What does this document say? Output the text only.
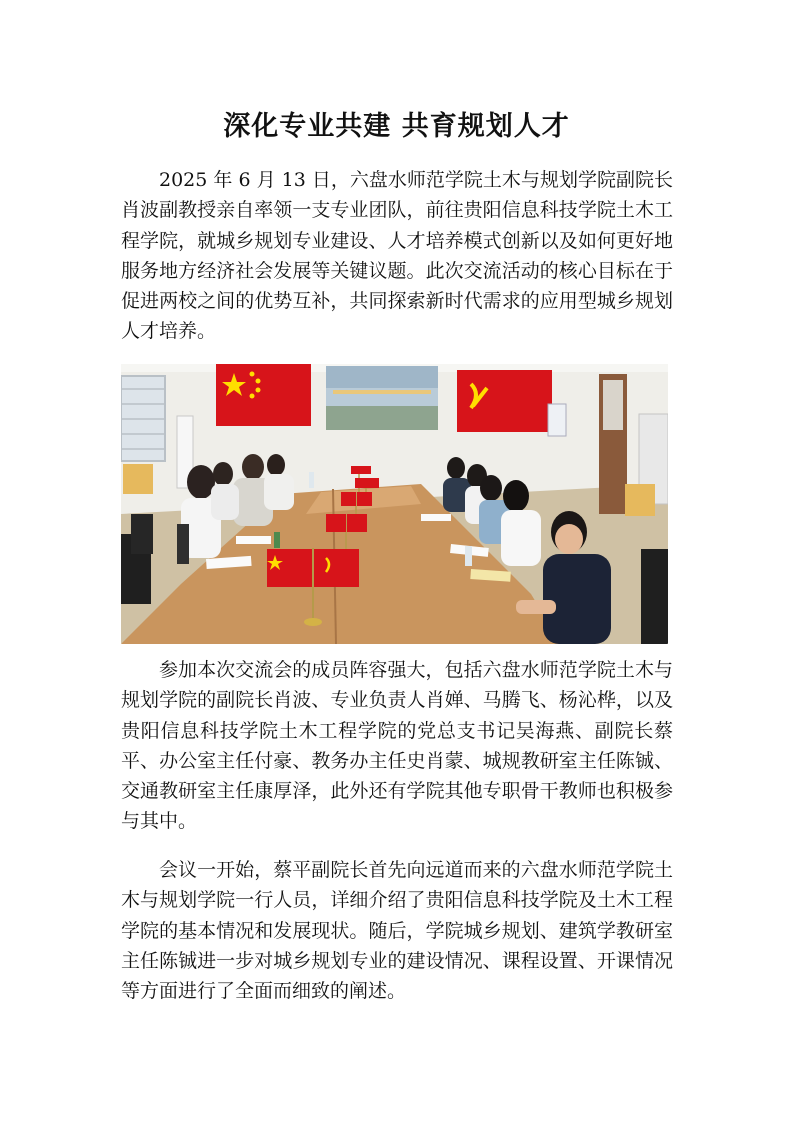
深化专业共建 共育规划人才

2025 年 6 月 13 日，六盘水师范学院土木与规划学院副院长肖波副教授亲自率领一支专业团队，前往贵阳信息科技学院土木工程学院，就城乡规划专业建设、人才培养模式创新以及如何更好地服务地方经济社会发展等关键议题。此次交流活动的核心目标在于促进两校之间的优势互补，共同探索新时代需求的应用型城乡规划人才培养。

参加本次交流会的成员阵容强大，包括六盘水师范学院土木与规划学院的副院长肖波、专业负责人肖婵、马腾飞、杨沁桦，以及贵阳信息科技学院土木工程学院的党总支书记吴海燕、副院长蔡平、办公室主任付豪、教务办主任史肖蒙、城规教研室主任陈铖、交通教研室主任康厚泽，此外还有学院其他专职骨干教师也积极参与其中。

会议一开始，蔡平副院长首先向远道而来的六盘水师范学院土木与规划学院一行人员，详细介绍了贵阳信息科技学院及土木工程学院的基本情况和发展现状。随后，学院城乡规划、建筑学教研室主任陈铖进一步对城乡规划专业的建设情况、课程设置、开课情况等方面进行了全面而细致的阐述。
